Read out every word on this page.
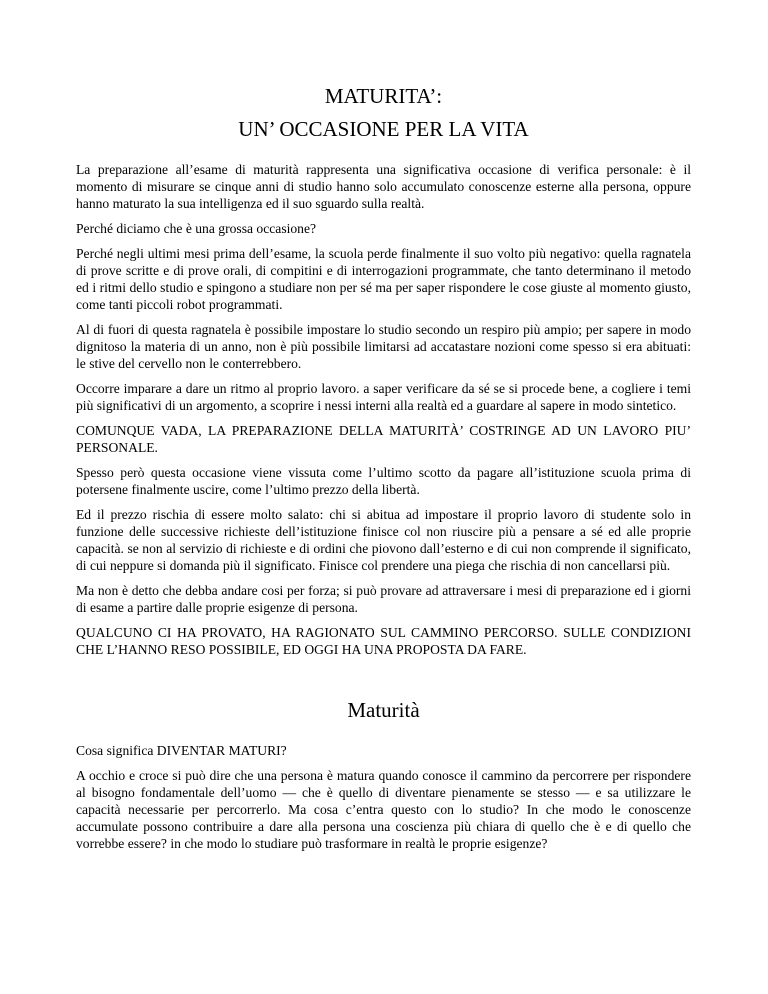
MATURITA’:
UN’ OCCASIONE PER LA VITA

La preparazione all’esame di maturità rappresenta una significativa occasione di verifica personale: è il momento di misurare se cinque anni di studio hanno solo accumulato conoscenze esterne alla persona, oppure hanno maturato la sua intelligenza ed il suo sguardo sulla realtà.

Perché diciamo che è una grossa occasione?

Perché negli ultimi mesi prima dell’esame, la scuola perde finalmente il suo volto più negativo: quella ragnatela di prove scritte e di prove orali, di compitini e di interrogazioni programmate, che tanto determinano il metodo ed i ritmi dello studio e spingono a studiare non per sé ma per saper rispondere le cose giuste al momento giusto, come tanti piccoli robot programmati.

Al di fuori di questa ragnatela è possibile impostare lo studio secondo un respiro più ampio; per sapere in modo dignitoso la materia di un anno, non è più possibile limitarsi ad accatastare nozioni come spesso si era abituati: le stive del cervello non le conterrebbero.

Occorre imparare a dare un ritmo al proprio lavoro. a saper verificare da sé se si procede bene, a cogliere i temi più significativi di un argomento, a scoprire i nessi interni alla realtà ed a guardare al sapere in modo sintetico.

COMUNQUE VADA, LA PREPARAZIONE DELLA MATURITÀ’ COSTRINGE AD UN LAVORO PIU’ PERSONALE.

Spesso però questa occasione viene vissuta come l’ultimo scotto da pagare all’istituzione scuola prima di potersene finalmente uscire, come l’ultimo prezzo della libertà.

Ed il prezzo rischia di essere molto salato: chi si abitua ad impostare il proprio lavoro di studente solo in funzione delle successive richieste dell’istituzione finisce col non riuscire più a pensare a sé ed alle proprie capacità. se non al servizio di richieste e di ordini che piovono dall’esterno e di cui non comprende il significato, di cui neppure si domanda più il significato. Finisce col prendere una piega che rischia di non cancellarsi più.

Ma non è detto che debba andare cosi per forza; si può provare ad attraversare i mesi di preparazione ed i giorni di esame a partire dalle proprie esigenze di persona.

QUALCUNO CI HA PROVATO, HA RAGIONATO SUL CAMMINO PERCORSO. SULLE CONDIZIONI CHE L’HANNO RESO POSSIBILE, ED OGGI HA UNA PROPOSTA DA FARE.

Maturità

Cosa significa DIVENTAR MATURI?

A occhio e croce si può dire che una persona è matura quando conosce il cammino da percorrere per rispondere al bisogno fondamentale dell’uomo — che è quello di diventare pienamente se stesso — e sa utilizzare le capacità necessarie per percorrerlo. Ma cosa c’entra questo con lo studio? In che modo le conoscenze accumulate possono contribuire a dare alla persona una coscienza più chiara di quello che è e di quello che vorrebbe essere? in che modo lo studiare può trasformare in realtà le proprie esigenze?
